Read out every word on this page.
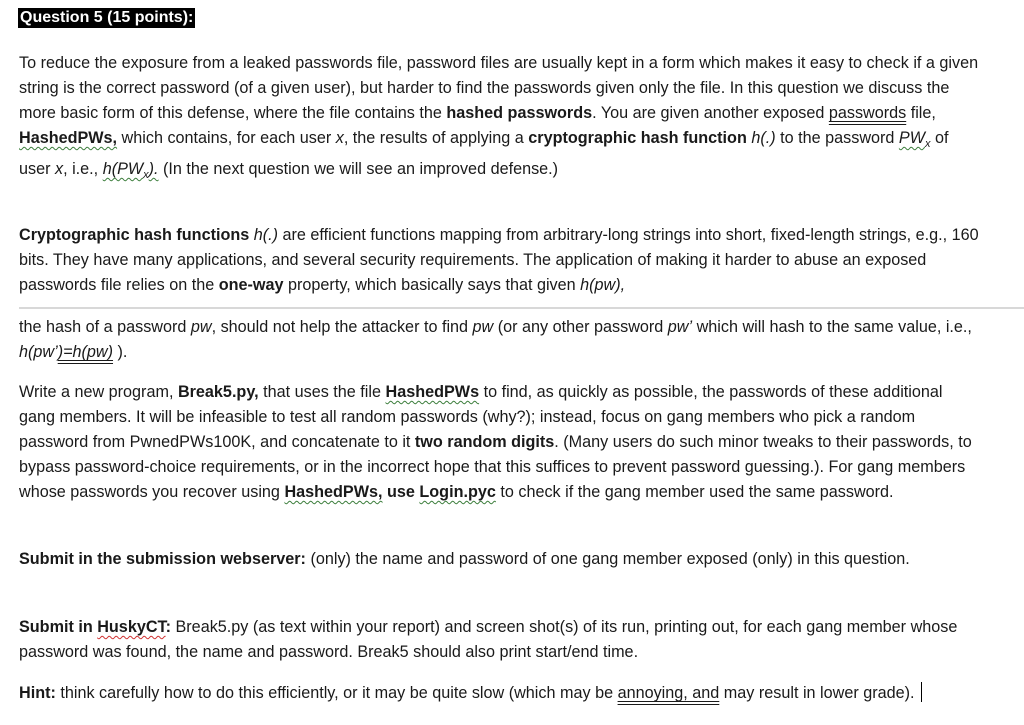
Question 5 (15 points):

To reduce the exposure from a leaked passwords file, password files are usually kept in a form which makes it easy to check if a given string is the correct password (of a given user), but harder to find the passwords given only the file. In this question we discuss the more basic form of this defense, where the file contains the hashed passwords. You are given another exposed passwords file, HashedPWs, which contains, for each user x, the results of applying a cryptographic hash function h(.) to the password $PW_x$ of user x, i.e., $h(PW_x)$. (In the next question we will see an improved defense.)

Cryptographic hash functions h(.) are efficient functions mapping from arbitrary-long strings into short, fixed-length strings, e.g., 160 bits. They have many applications, and several security requirements. The application of making it harder to abuse an exposed passwords file relies on the one-way property, which basically says that given h(pw),

the hash of a password pw, should not help the attacker to find pw (or any other password pw’ which will hash to the same value, i.e., h(pw’)=h(pw) ).

Write a new program, Break5.py, that uses the file HashedPWs to find, as quickly as possible, the passwords of these additional gang members. It will be infeasible to test all random passwords (why?); instead, focus on gang members who pick a random password from PwnedPWs100K, and concatenate to it two random digits. (Many users do such minor tweaks to their passwords, to bypass password-choice requirements, or in the incorrect hope that this suffices to prevent password guessing.). For gang members whose passwords you recover using HashedPWs, use Login.pyc to check if the gang member used the same password.

Submit in the submission webserver: (only) the name and password of one gang member exposed (only) in this question.

Submit in HuskyCT: Break5.py (as text within your report) and screen shot(s) of its run, printing out, for each gang member whose password was found, the name and password. Break5 should also print start/end time.

Hint: think carefully how to do this efficiently, or it may be quite slow (which may be annoying, and may result in lower grade).
